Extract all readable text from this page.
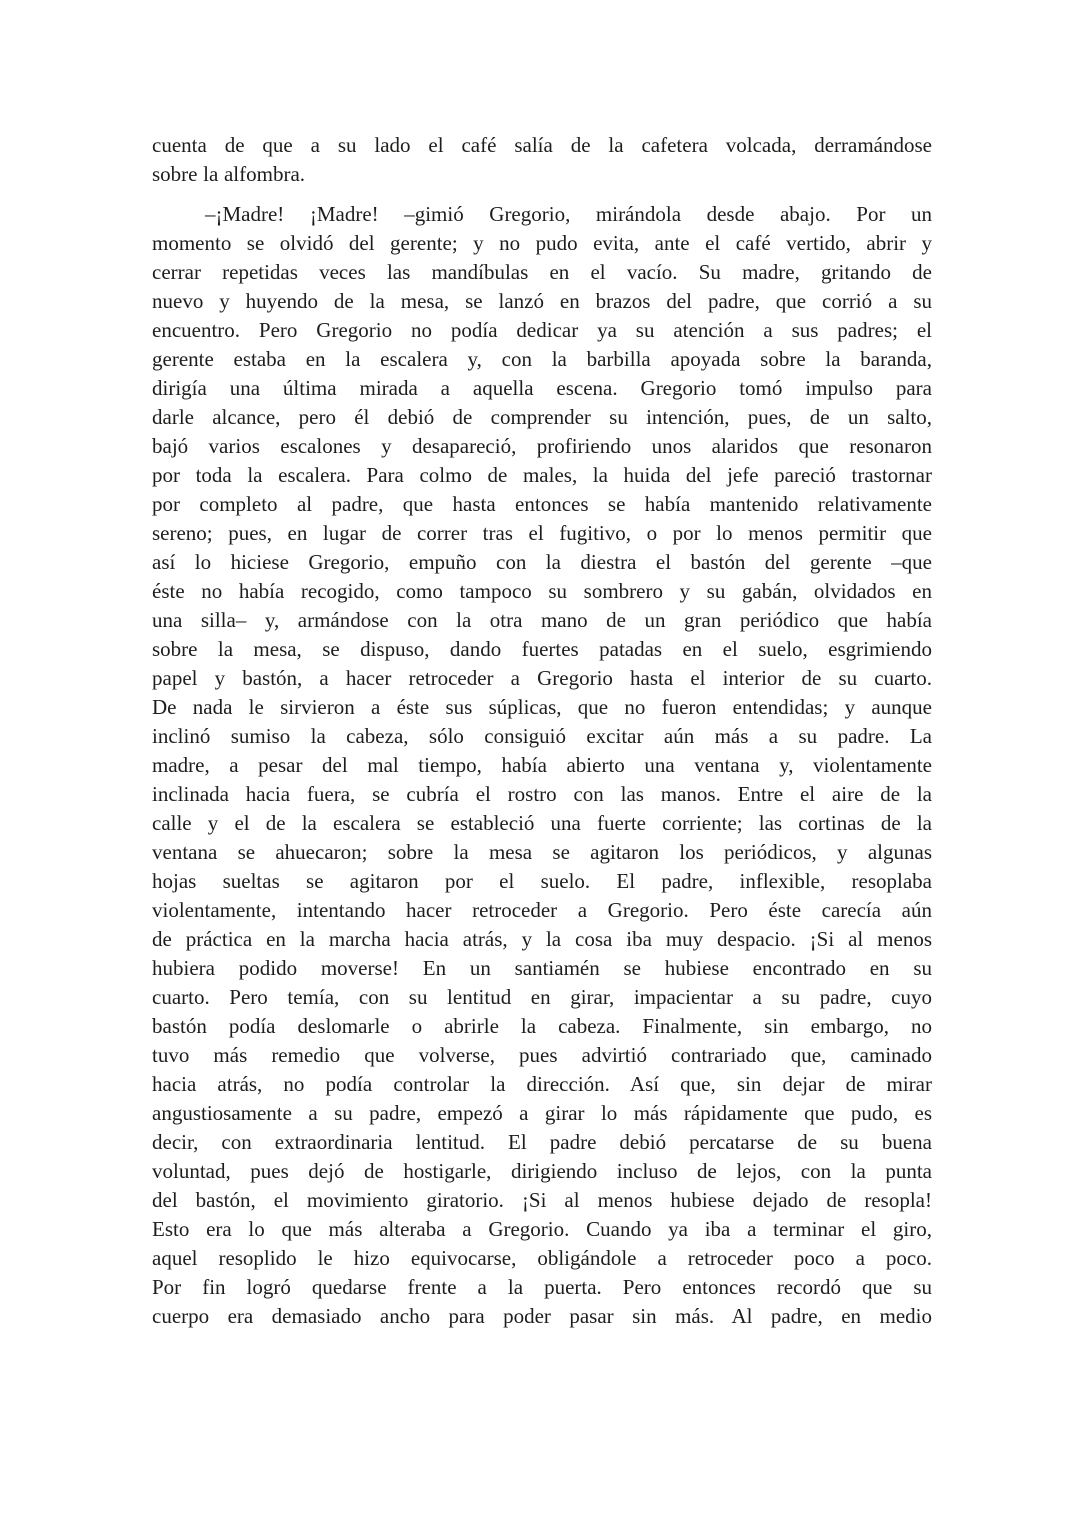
cuenta de que a su lado el café salía de la cafetera volcada, derramándose
sobre la alfombra.
–¡Madre! ¡Madre! –gimió Gregorio, mirándola desde abajo. Por un
momento se olvidó del gerente; y no pudo evita, ante el café vertido, abrir y
cerrar repetidas veces las mandíbulas en el vacío. Su madre, gritando de
nuevo y huyendo de la mesa, se lanzó en brazos del padre, que corrió a su
encuentro. Pero Gregorio no podía dedicar ya su atención a sus padres; el
gerente estaba en la escalera y, con la barbilla apoyada sobre la baranda,
dirigía una última mirada a aquella escena. Gregorio tomó impulso para
darle alcance, pero él debió de comprender su intención, pues, de un salto,
bajó varios escalones y desapareció, profiriendo unos alaridos que resonaron
por toda la escalera. Para colmo de males, la huida del jefe pareció trastornar
por completo al padre, que hasta entonces se había mantenido relativamente
sereno; pues, en lugar de correr tras el fugitivo, o por lo menos permitir que
así lo hiciese Gregorio, empuño con la diestra el bastón del gerente –que
éste no había recogido, como tampoco su sombrero y su gabán, olvidados en
una silla– y, armándose con la otra mano de un gran periódico que había
sobre la mesa, se dispuso, dando fuertes patadas en el suelo, esgrimiendo
papel y bastón, a hacer retroceder a Gregorio hasta el interior de su cuarto.
De nada le sirvieron a éste sus súplicas, que no fueron entendidas; y aunque
inclinó sumiso la cabeza, sólo consiguió excitar aún más a su padre. La
madre, a pesar del mal tiempo, había abierto una ventana y, violentamente
inclinada hacia fuera, se cubría el rostro con las manos. Entre el aire de la
calle y el de la escalera se estableció una fuerte corriente; las cortinas de la
ventana se ahuecaron; sobre la mesa se agitaron los periódicos, y algunas
hojas sueltas se agitaron por el suelo. El padre, inflexible, resoplaba
violentamente, intentando hacer retroceder a Gregorio. Pero éste carecía aún
de práctica en la marcha hacia atrás, y la cosa iba muy despacio. ¡Si al menos
hubiera podido moverse! En un santiamén se hubiese encontrado en su
cuarto. Pero temía, con su lentitud en girar, impacientar a su padre, cuyo
bastón podía deslomarle o abrirle la cabeza. Finalmente, sin embargo, no
tuvo más remedio que volverse, pues advirtió contrariado que, caminado
hacia atrás, no podía controlar la dirección. Así que, sin dejar de mirar
angustiosamente a su padre, empezó a girar lo más rápidamente que pudo, es
decir, con extraordinaria lentitud. El padre debió percatarse de su buena
voluntad, pues dejó de hostigarle, dirigiendo incluso de lejos, con la punta
del bastón, el movimiento giratorio. ¡Si al menos hubiese dejado de resopla!
Esto era lo que más alteraba a Gregorio. Cuando ya iba a terminar el giro,
aquel resoplido le hizo equivocarse, obligándole a retroceder poco a poco.
Por fin logró quedarse frente a la puerta. Pero entonces recordó que su
cuerpo era demasiado ancho para poder pasar sin más. Al padre, en medio
